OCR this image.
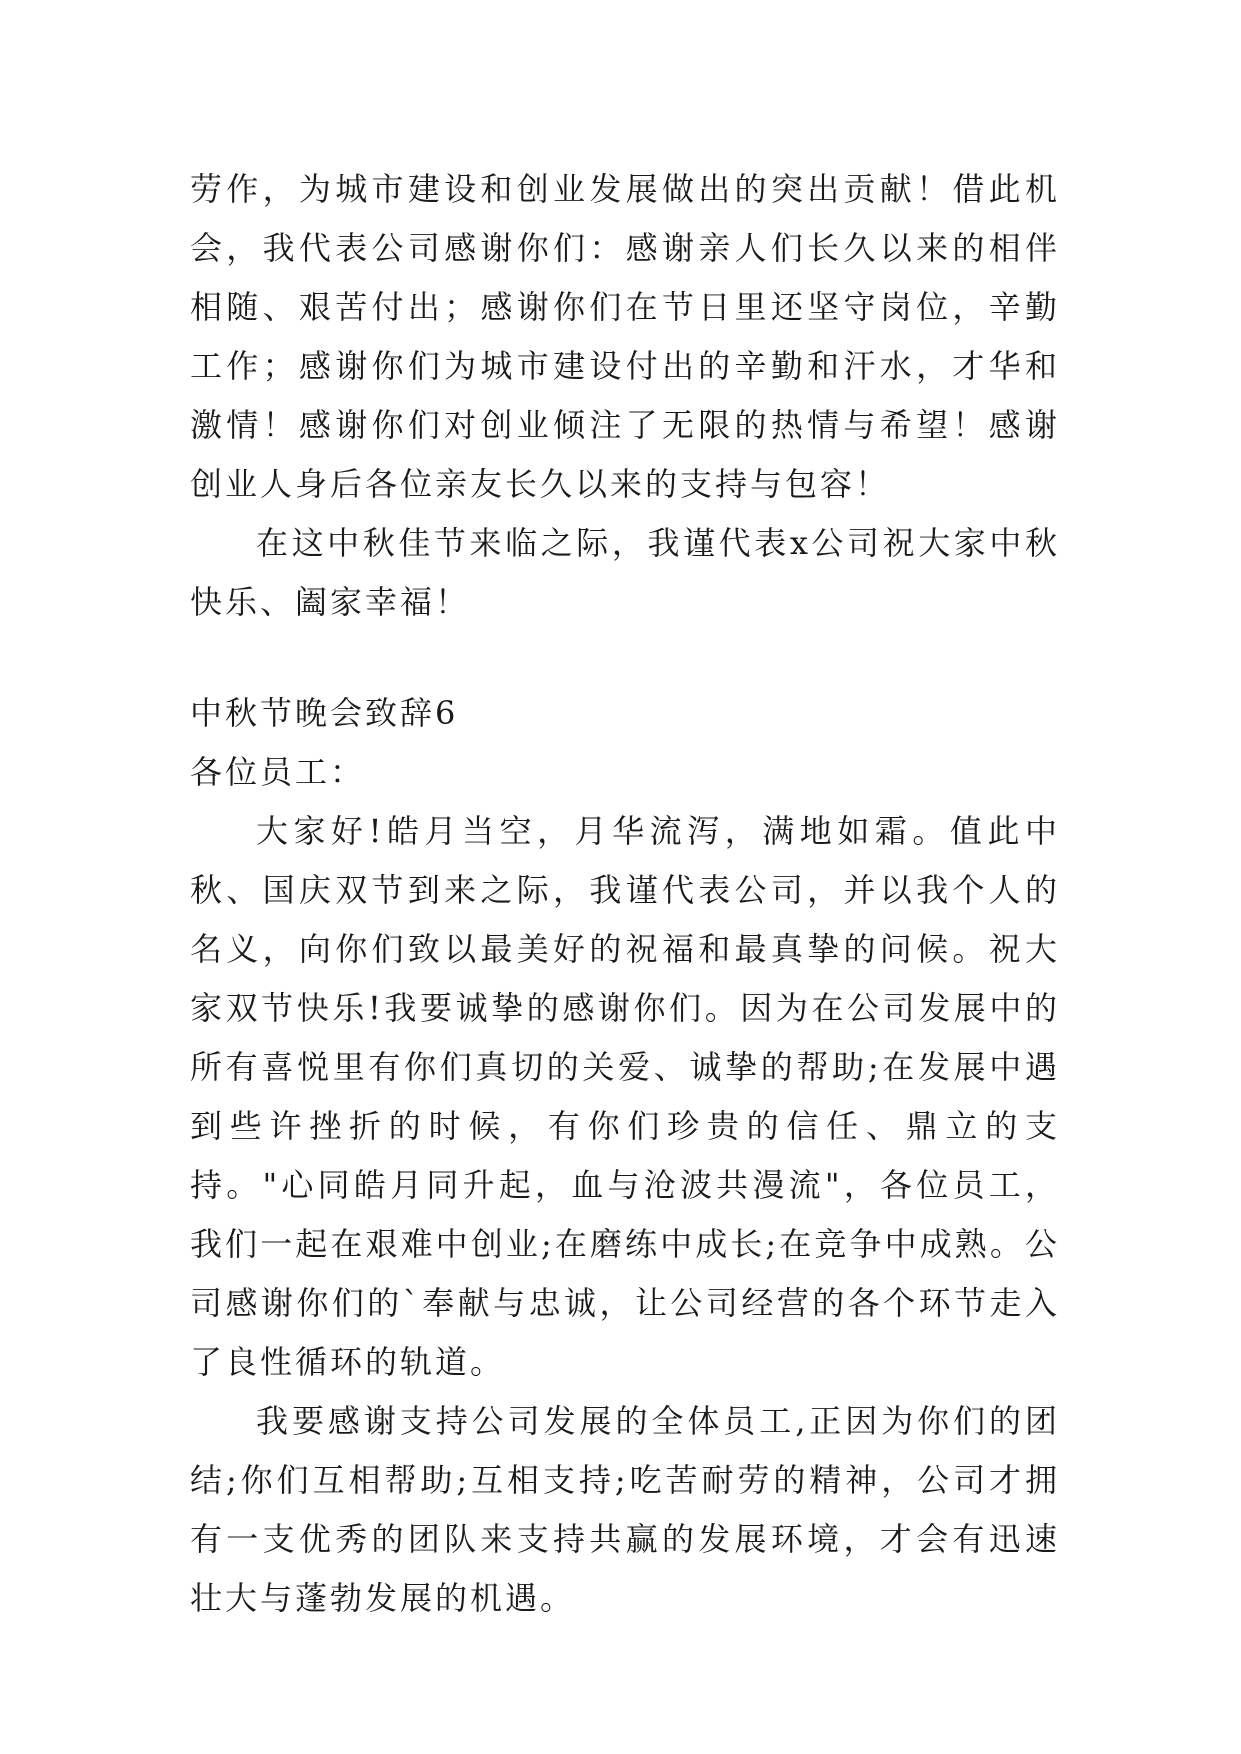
劳作，为城市建设和创业发展做出的突出贡献！借此机会，我代表公司感谢你们：感谢亲人们长久以来的相伴相随、艰苦付出；感谢你们在节日里还坚守岗位，辛勤工作；感谢你们为城市建设付出的辛勤和汗水，才华和激情！感谢你们对创业倾注了无限的热情与希望！感谢创业人身后各位亲友长久以来的支持与包容！

在这中秋佳节来临之际，我谨代表x公司祝大家中秋快乐、阖家幸福！

中秋节晚会致辞6

各位员工：

大家好!皓月当空，月华流泻，满地如霜。值此中秋、国庆双节到来之际，我谨代表公司，并以我个人的名义，向你们致以最美好的祝福和最真挚的问候。祝大家双节快乐!我要诚挚的感谢你们。因为在公司发展中的所有喜悦里有你们真切的关爱、诚挚的帮助;在发展中遇到些许挫折的时候，有你们珍贵的信任、鼎立的支持。"心同皓月同升起，血与沧波共漫流"，各位员工，我们一起在艰难中创业;在磨练中成长;在竞争中成熟。公司感谢你们的`奉献与忠诚，让公司经营的各个环节走入了良性循环的轨道。

我要感谢支持公司发展的全体员工,正因为你们的团结;你们互相帮助;互相支持;吃苦耐劳的精神，公司才拥有一支优秀的团队来支持共赢的发展环境，才会有迅速壮大与蓬勃发展的机遇。
